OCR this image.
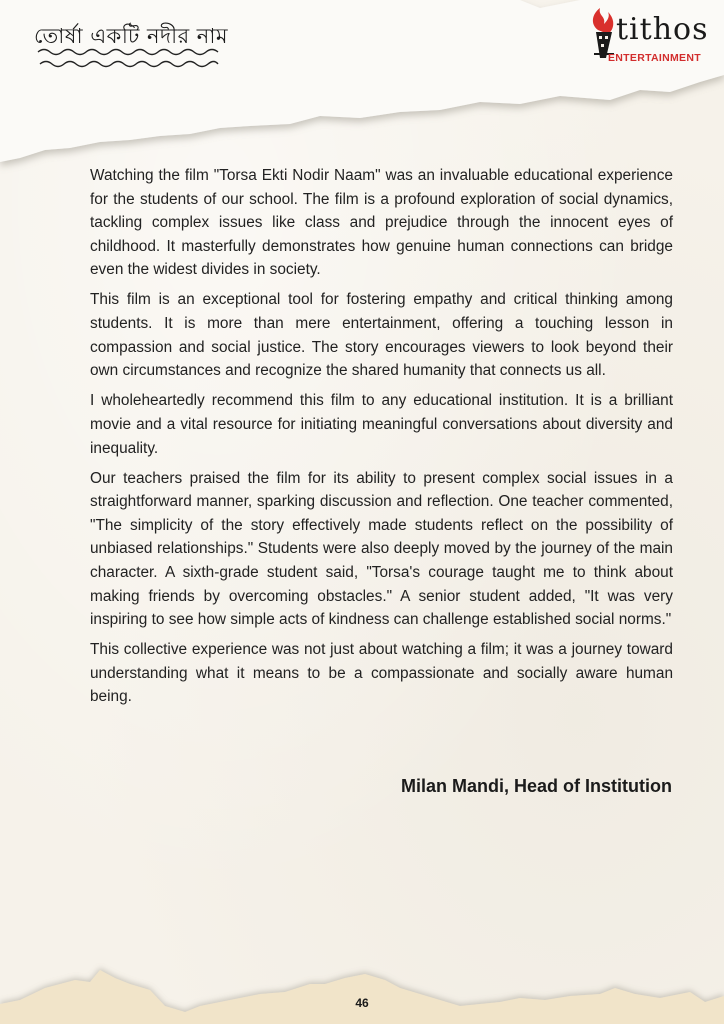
তোর্ষা একটি নদীর নাম	tithos
ENTERTAINMENT

Watching the film "Torsa Ekti Nodir Naam" was an invaluable educational experience for the students of our school. The film is a profound exploration of social dynamics, tackling complex issues like class and prejudice through the innocent eyes of childhood. It masterfully demonstrates how genuine human connections can bridge even the widest divides in society.

This film is an exceptional tool for fostering empathy and critical thinking among students. It is more than mere entertainment, offering a touching lesson in compassion and social justice. The story encourages viewers to look beyond their own circumstances and recognize the shared humanity that connects us all.

I wholeheartedly recommend this film to any educational institution. It is a brilliant movie and a vital resource for initiating meaningful conversations about diversity and inequality.

Our teachers praised the film for its ability to present complex social issues in a straightforward manner, sparking discussion and reflection. One teacher commented, "The simplicity of the story effectively made students reflect on the possibility of unbiased relationships." Students were also deeply moved by the journey of the main character. A sixth-grade student said, "Torsa's courage taught me to think about making friends by overcoming obstacles." A senior student added, "It was very inspiring to see how simple acts of kindness can challenge established social norms."

This collective experience was not just about watching a film; it was a journey toward understanding what it means to be a compassionate and socially aware human being.

Milan Mandi, Head of Institution
46
